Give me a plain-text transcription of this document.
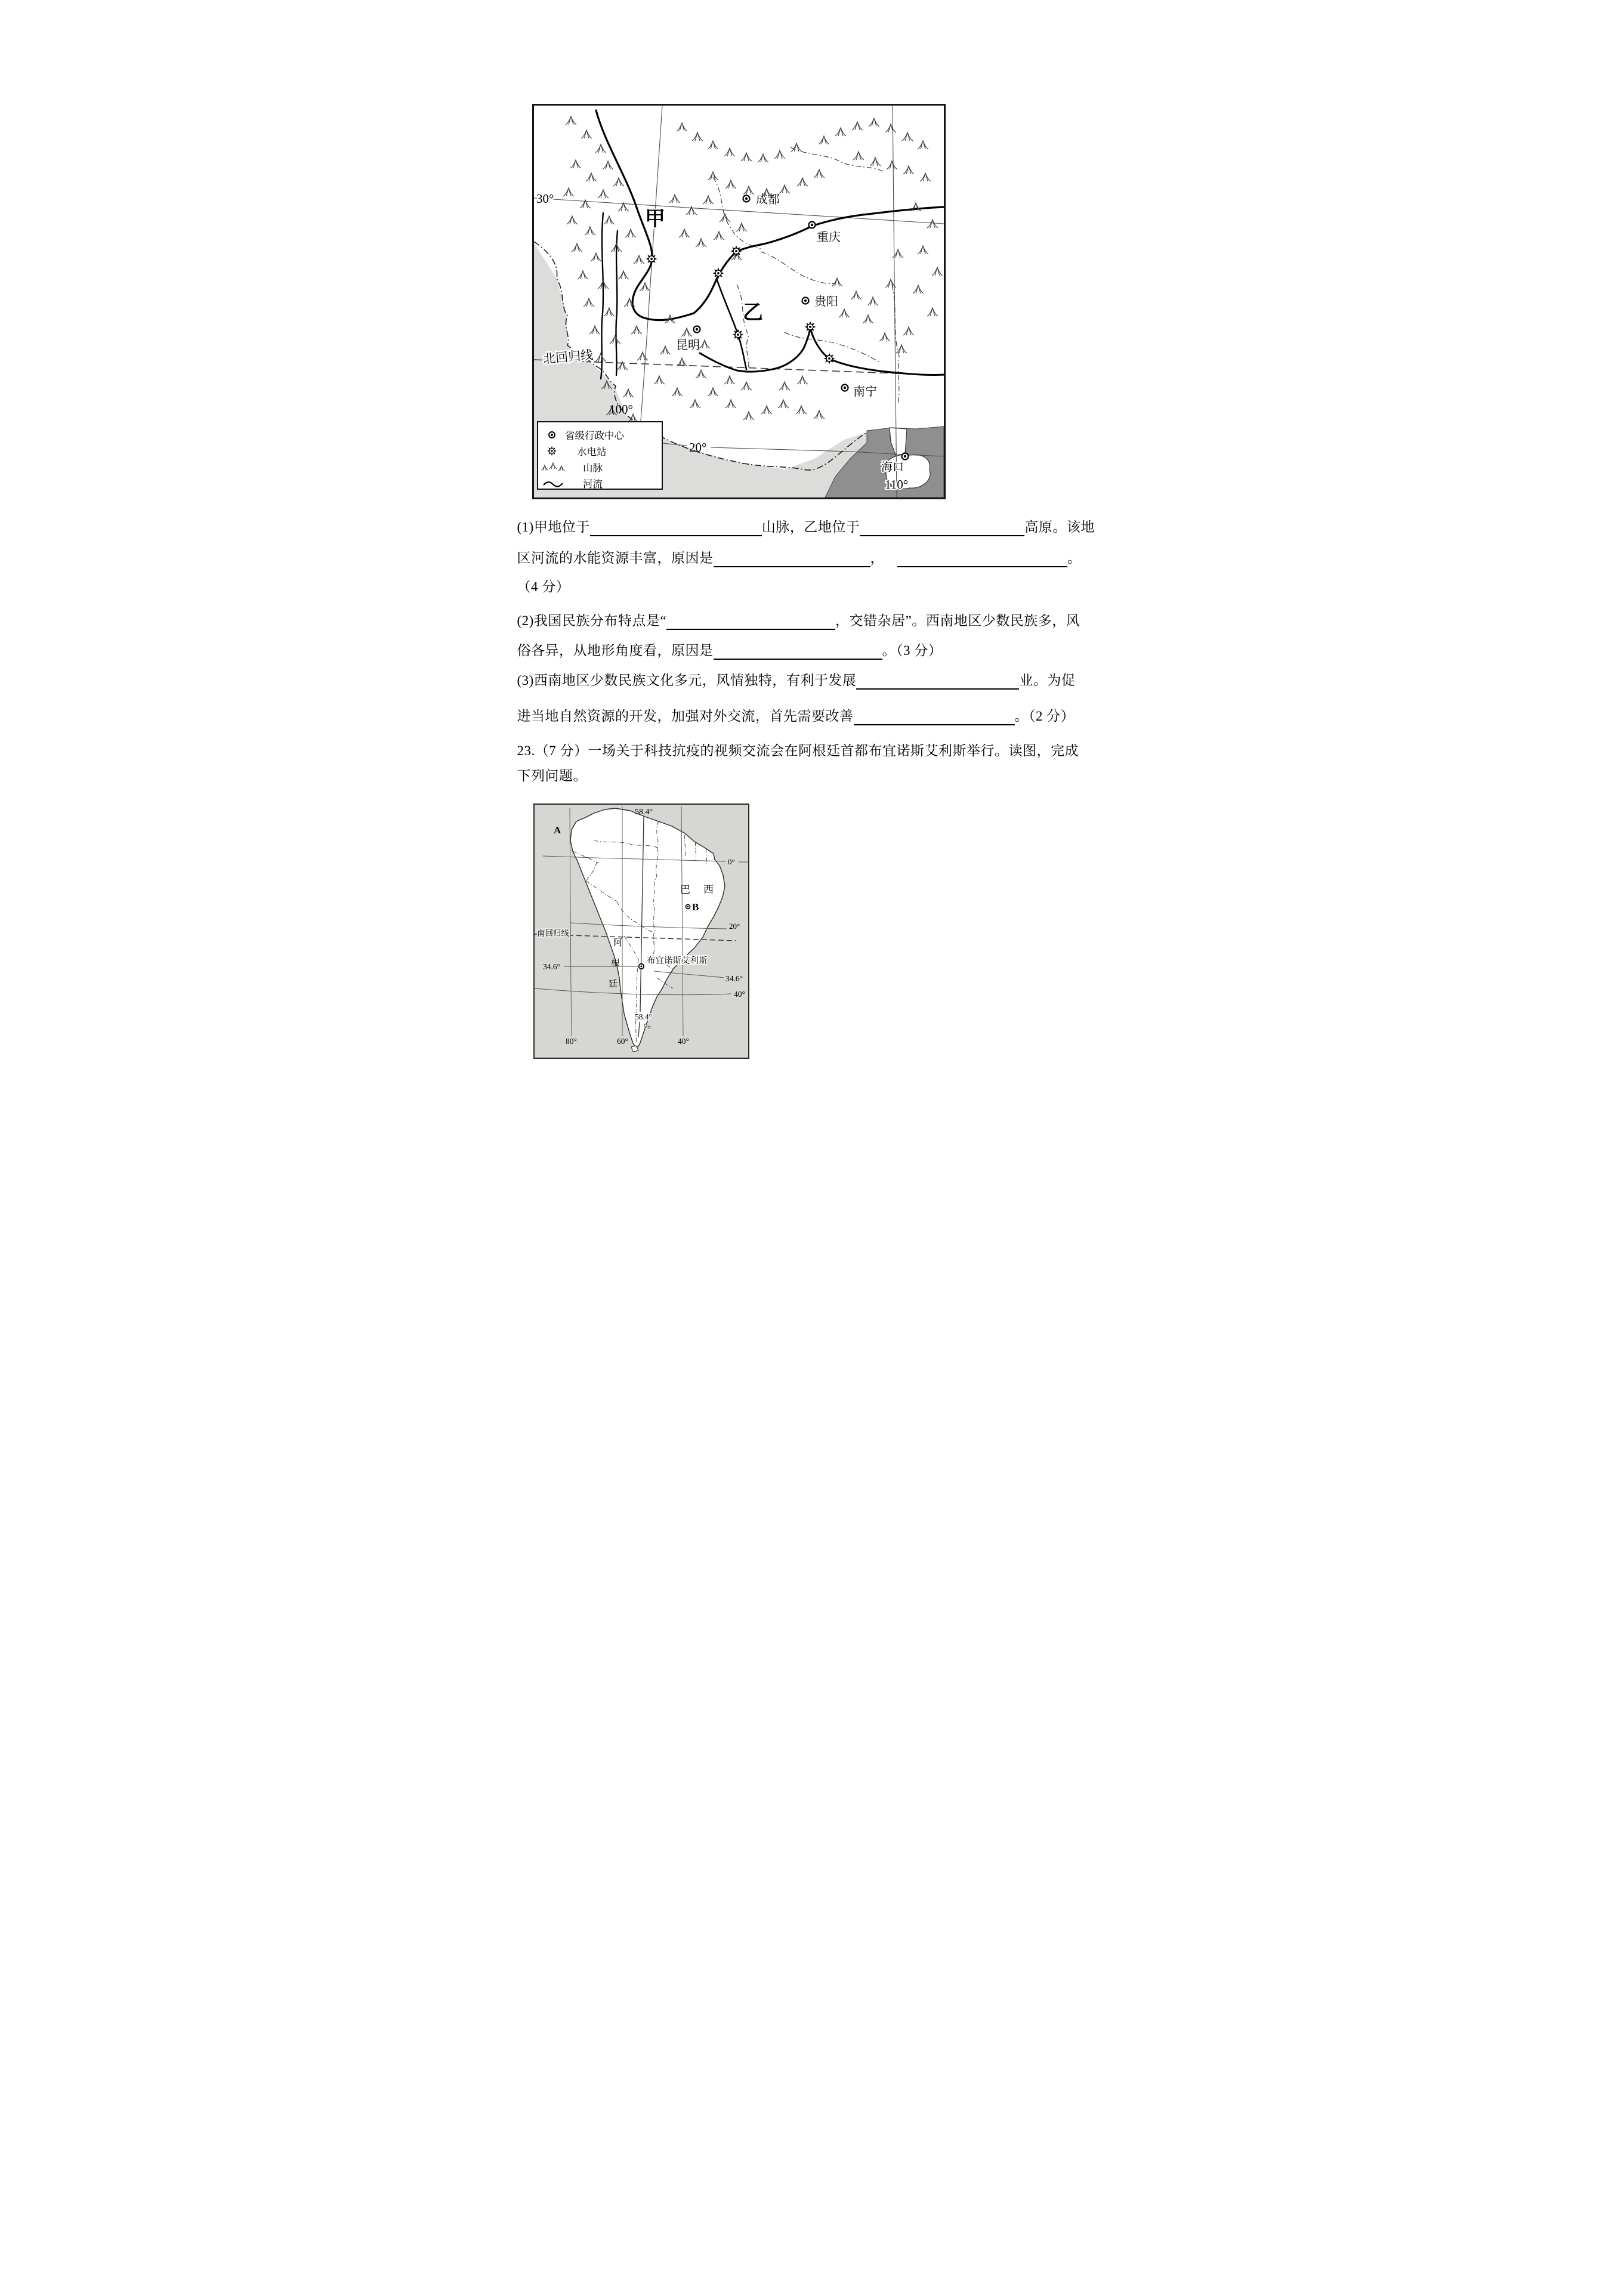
30°
甲
成都
重庆
乙	贵阳
昆明
北回归线
100°
20°
南宁
海口
110°
省级行政中心
水电站
山脉
河流
(1)甲地位于	山脉，乙地位于	高原。该地
区河流的水能资源丰富，原因是	，	。
（4 分）
(2)我国民族分布特点是“	，交错杂居”。西南地区少数民族多，风
俗各异，从地形角度看，原因是	。（3 分）
(3)西南地区少数民族文化多元，风情独特，有利于发展	业。为促
进当地自然资源的开发，加强对外交流，首先需要改善	。（2 分）
23.（7 分）一场关于科技抗疫的视频交流会在阿根廷首都布宜诺斯艾利斯举行。读图，完成
下列问题。
58.4°
A
0°
巴西
B
20°
南回归线
34.6°
阿
根
廷
布宜诺斯艾利斯
34.6°
40°
58.4°
80°	60°	40°
